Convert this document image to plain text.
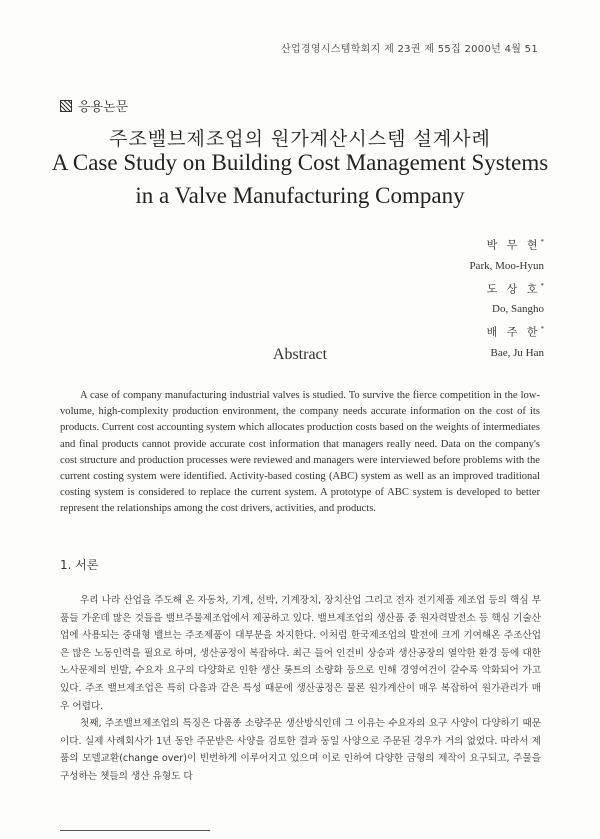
산업경영시스템학회지 제 23권 제 55집 2000년 4월 51
응용논문
주조밸브제조업의 원가계산시스템 설계사례
A Case Study on Building Cost Management Systems
in a Valve Manufacturing Company
박 무 현*
Park, Moo-Hyun
도 상 호*
Do, Sangho
배 주 한*
Bae, Ju Han
Abstract
A case of company manufacturing industrial valves is studied. To survive the fierce competition in the low-volume, high-complexity production environment, the company needs accurate information on the cost of its products. Current cost accounting system which allocates production costs based on the weights of intermediates and final products cannot provide accurate cost information that managers really need. Data on the company's cost structure and production processes were reviewed and managers were interviewed before problems with the current costing system were identified. Activity-based costing (ABC) system as well as an improved traditional costing system is considered to replace the current system. A prototype of ABC system is developed to better represent the relationships among the cost drivers, activities, and products.
1. 서론

우리 나라 산업을 주도해 온 자동차, 기계, 선박, 기계장치, 장치산업 그리고 전자 전기제품 제조업 등의 핵심 부품들 가운데 많은 것들을 밸브주물제조업에서 제공하고 있다. 밸브제조업의 생산품 중 원자력발전소 등 핵심 기술산업에 사용되는 중대형 밸브는 주조제품이 대부분을 차지한다. 이처럼 한국제조업의 발전에 크게 기여해온 주조산업은 많은 노동인력을 필요로 하며, 생산공정이 복잡하다. 최근 들어 인건비 상승과 생산공장의 열악한 환경 등에 대한 노사문제의 빈발, 수요자 요구의 다양화로 인한 생산 롯트의 소량화 등으로 인해 경영여건이 갈수록 악화되어 가고 있다. 주조 밸브제조업은 특히 다음과 같은 특성 때문에 생산공정은 물론 원가계산이 매우 복잡하여 원가관리가 매우 어렵다.

첫째, 주조밸브제조업의 특징은 다품종 소량주문 생산방식인데 그 이유는 수요자의 요구 사양이 다양하기 때문이다. 실제 사례회사가 1년 동안 주문받은 사양을 검토한 결과 동일 사양으로 주문된 경우가 거의 없었다. 따라서 제품의 모델교환(change over)이 빈번하게 이루어지고 있으며 이로 인하여 다양한 금형의 제작이 요구되고, 주물을 구성하는 쳇들의 생산 유형도 다
